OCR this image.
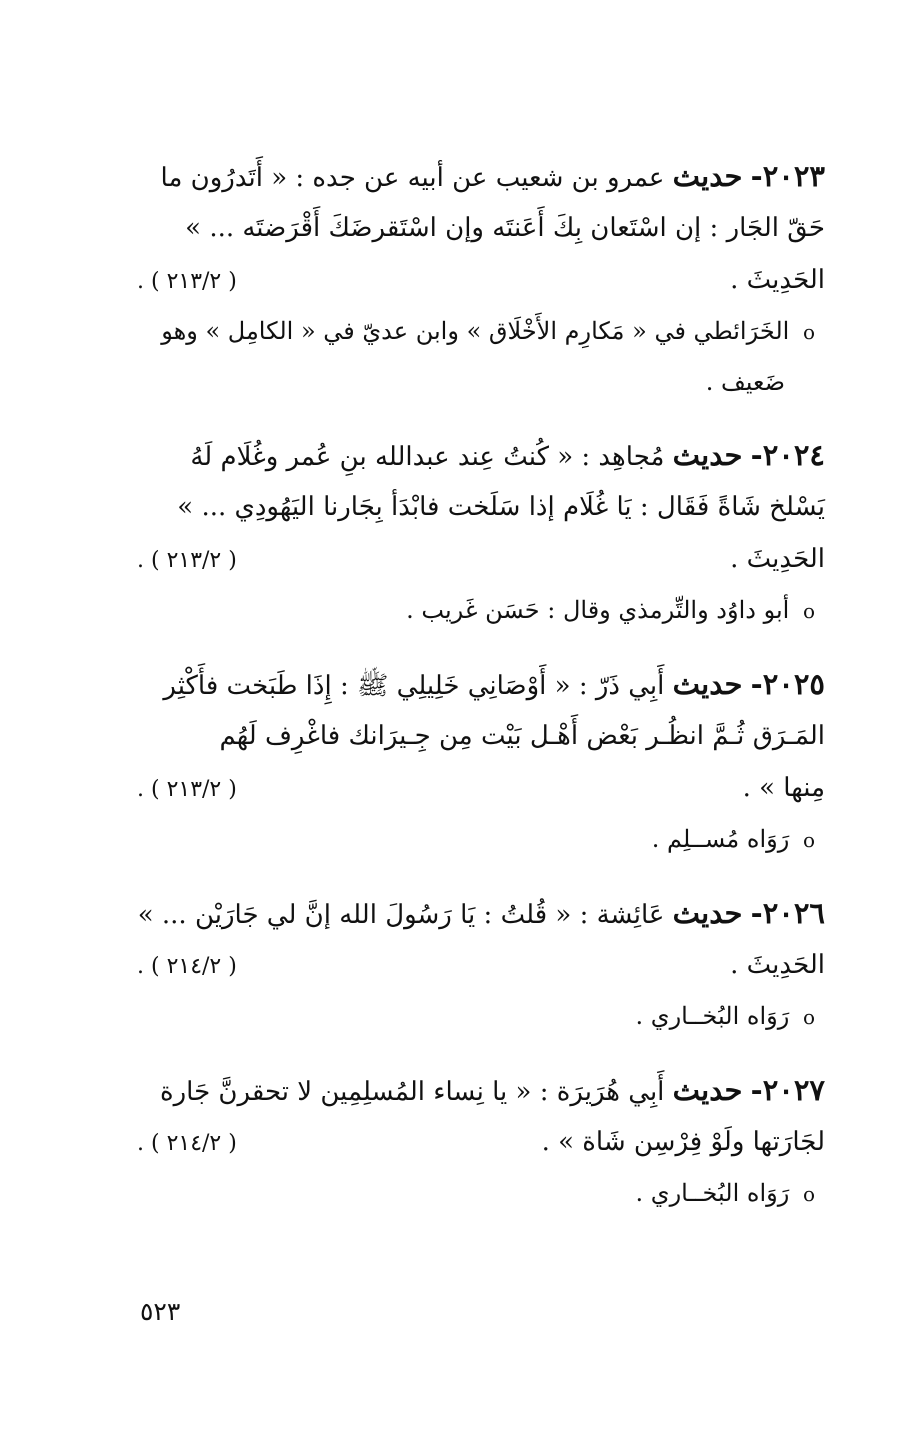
٢٠٢٣- حديث عمرو بن شعيب عن أبيه عن جده : « أَتَدرُون ما
حَقّ الجَار : إن اسْتَعان بِكَ أَعَنتَه وإن اسْتَقرضَكَ أَقْرَضتَه ... »
الحَدِيثَ .
( ٢١٣/٢ ) .
o الخَرَائطي في « مَكارِم الأَخْلَاق » وابن عديّ في « الكامِل » وهو
ضَعيف .
٢٠٢٤- حديث مُجاهِد : « كُنتُ عِند عبدالله بنِ عُمر وغُلَام لَهُ
يَسْلخ شَاةً فَقَال : يَا غُلَام إذا سَلَخت فابْدَأ بِجَارنا اليَهُودِي ... »
الحَدِيثَ .
( ٢١٣/٢ ) .
o أبو داوُد والتِّرمذي وقال : حَسَن غَريب .
٢٠٢٥- حديث أَبِي ذَرّ : « أَوْصَانِي خَلِيلِي ﷺ : إِذَا طَبَخت فأَكْثِر
المَـرَق ثُـمَّ انظُـر بَعْض أَهْـل بَيْت مِن جِـيرَانك فاغْرِف لَهُم
مِنها » .
( ٢١٣/٢ ) .
o رَوَاه مُســلِم .
٢٠٢٦- حديث عَائِشة : « قُلتُ : يَا رَسُولَ الله إنَّ لي جَارَيْن ... »
الحَدِيثَ .
( ٢١٤/٢ ) .
o رَوَاه البُخــاري .
٢٠٢٧- حديث أَبِي هُرَيرَة : « يا نِساء المُسلِمِين لا تحقرنَّ جَارة
لجَارَتها ولَوْ فِرْسِن شَاة » .
( ٢١٤/٢ ) .
o رَوَاه البُخــاري .
٥٢٣
